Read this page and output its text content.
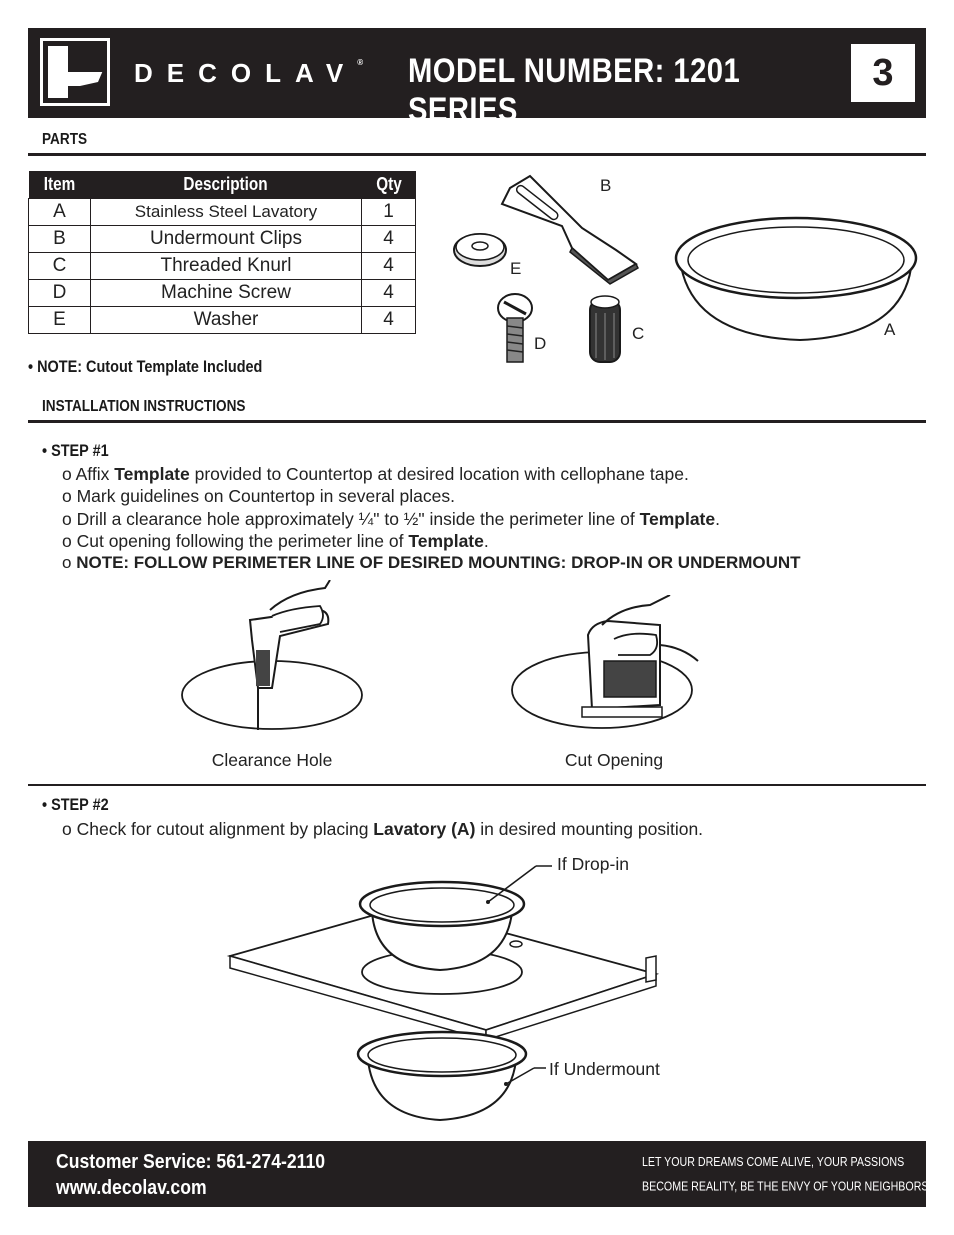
DECOLAV® MODEL NUMBER: 1201 SERIES
3
PARTS
Item	Description	Qty
A	Stainless Steel Lavatory	1
B	Undermount Clips	4
C	Threaded Knurl	4
D	Machine Screw	4
E	Washer	4
• NOTE: Cutout Template Included
B
E
D
C	A
INSTALLATION INSTRUCTIONS
• STEP #1
o Affix Template provided to Countertop at desired location with cellophane tape.
o Mark guidelines on Countertop in several places.
o Drill a clearance hole approximately ¼" to ½" inside the perimeter line of Template.
o Cut opening following the perimeter line of Template.
o NOTE: FOLLOW PERIMETER LINE OF DESIRED MOUNTING: DROP-IN OR UNDERMOUNT
Clearance Hole	Cut Opening
• STEP #2
o Check for cutout alignment by placing Lavatory (A) in desired mounting position.
If Drop-in
If Undermount
Customer Service: 561-274-2110
www.decolav.com
LET YOUR DREAMS COME ALIVE, YOUR PASSIONS
BECOME REALITY, BE THE ENVY OF YOUR NEIGHBORS®
